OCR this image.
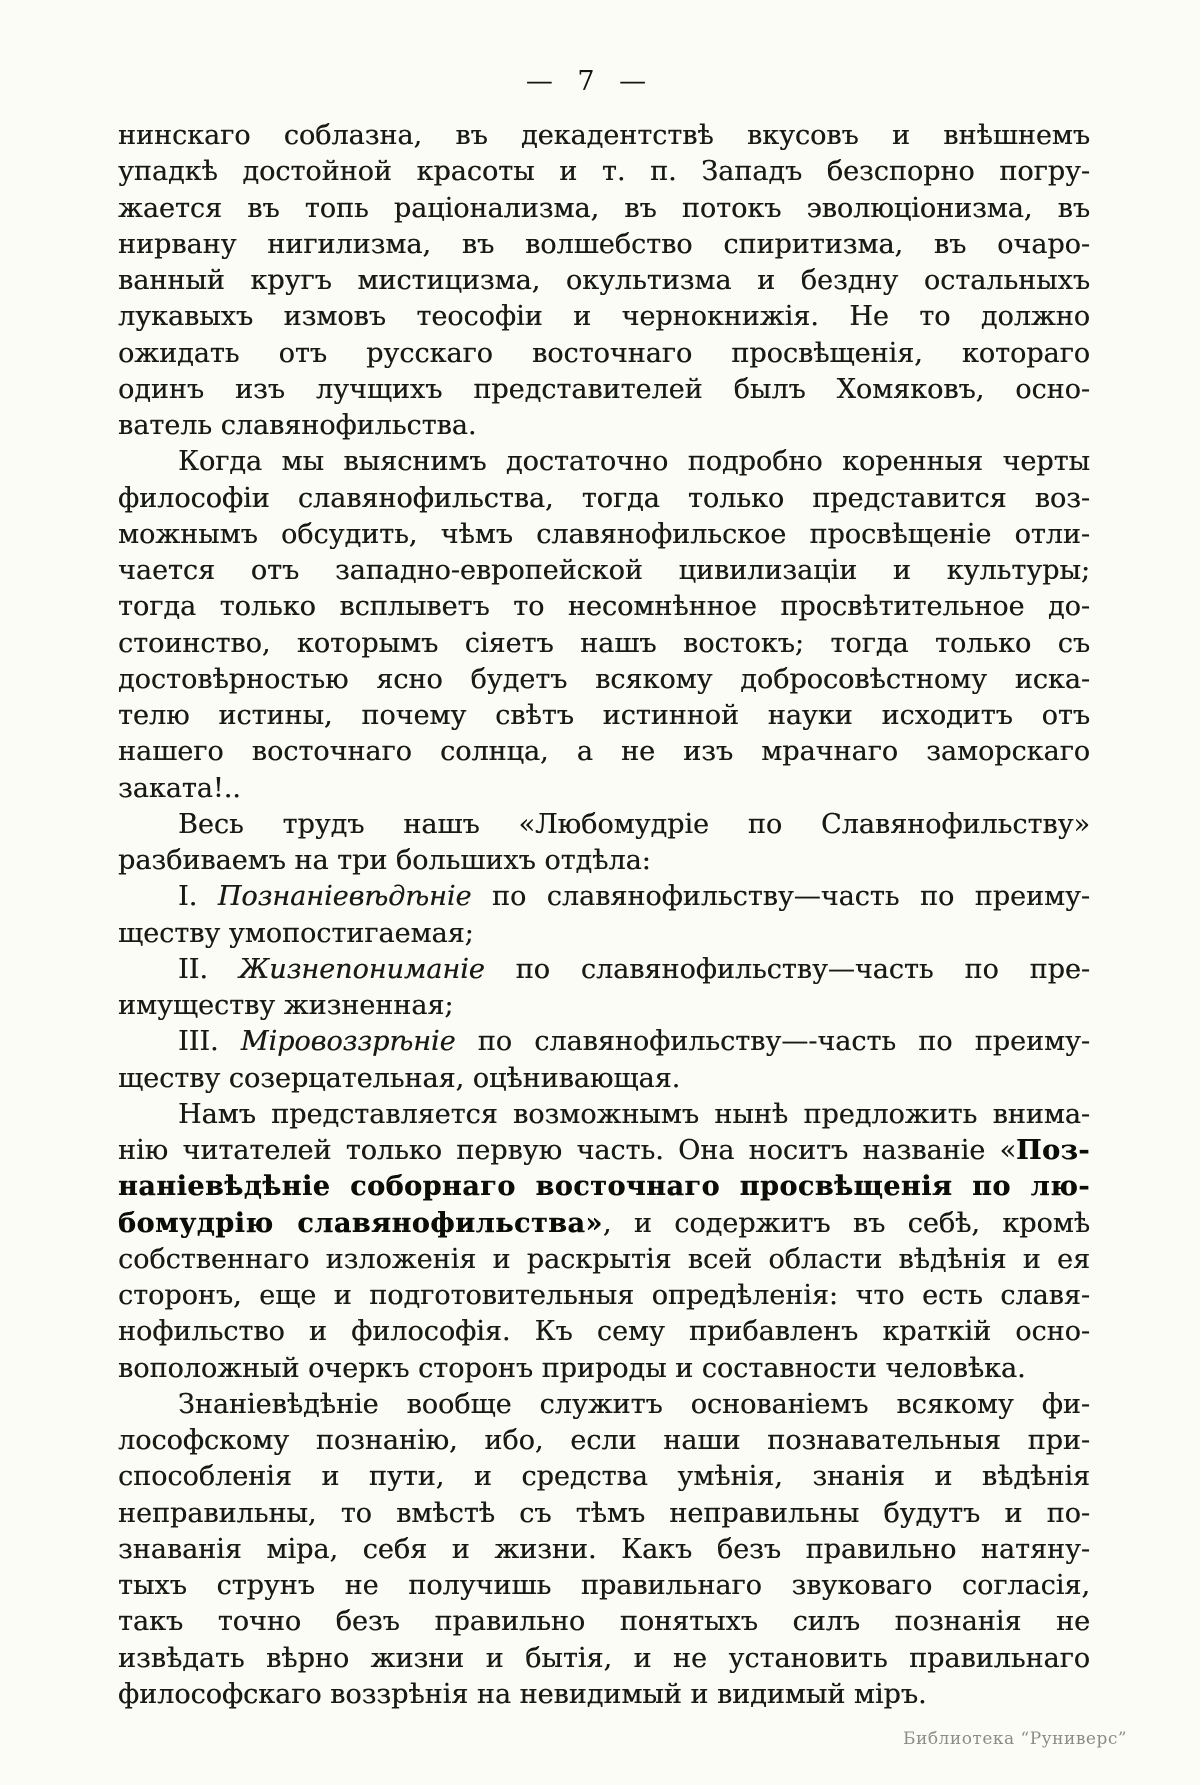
— 7 —
нинскаго соблазна, въ декадентствѣ вкусовъ и внѣшнемъ
упадкѣ достойной красоты и т. п. Западъ безспорно погру-
жается въ топь раціонализма, въ потокъ эволюціонизма, въ
нирвану нигилизма, въ волшебство спиритизма, въ очаро-
ванный кругъ мистицизма, окультизма и бездну остальныхъ
лукавыхъ измовъ теософіи и чернокнижія. Не то должно
ожидать отъ русскаго восточнаго просвѣщенія, котораго
одинъ изъ лучщихъ представителей былъ Хомяковъ, осно-
ватель славянофильства.
Когда мы выяснимъ достаточно подробно коренныя черты
философіи славянофильства, тогда только представится воз-
можнымъ обсудить, чѣмъ славянофильское просвѣщеніе отли-
чается отъ западно-европейской цивилизаціи и культуры;
тогда только всплыветъ то несомнѣнное просвѣтительное до-
стоинство, которымъ сіяетъ нашъ востокъ; тогда только съ
достовѣрностью ясно будетъ всякому добросовѣстному иска-
телю истины, почему свѣтъ истинной науки исходитъ отъ
нашего восточнаго солнца, а не изъ мрачнаго заморскаго
заката!..
Весь трудъ нашъ «Любомудріе по Славянофильству»
разбиваемъ на три большихъ отдѣла:
I. Познаніевѣдѣніе по славянофильству—часть по преиму-
ществу умопостигаемая;
II. Жизнепониманіе по славянофильству—часть по пре-
имуществу жизненная;
III. Міровоззрѣніе по славянофильству—-часть по преиму-
ществу созерцательная, оцѣнивающая.
Намъ представляется возможнымъ нынѣ предложить внима-
нію читателей только первую часть. Она носитъ названіе «Поз-
наніевѣдѣніе соборнаго восточнаго просвѣщенія по лю-
бомудрію славянофильства», и содержитъ въ себѣ, кромѣ
собственнаго изложенія и раскрытія всей области вѣдѣнія и ея
сторонъ, еще и подготовительныя опредѣленія: что есть славя-
нофильство и философія. Къ сему прибавленъ краткій осно-
воположный очеркъ сторонъ природы и составности человѣка.
Знаніевѣдѣніе вообще служитъ основаніемъ всякому фи-
лософскому познанію, ибо, если наши познавательныя при-
способленія и пути, и средства умѣнія, знанія и вѣдѣнія
неправильны, то вмѣстѣ съ тѣмъ неправильны будутъ и по-
знаванія міра, себя и жизни. Какъ безъ правильно натяну-
тыхъ струнъ не получишь правильнаго звуковаго согласія,
такъ точно безъ правильно понятыхъ силъ познанія не
извѣдать вѣрно жизни и бытія, и не установить правильнаго
философскаго воззрѣнія на невидимый и видимый міръ.
Библиотека “Руниверс”
